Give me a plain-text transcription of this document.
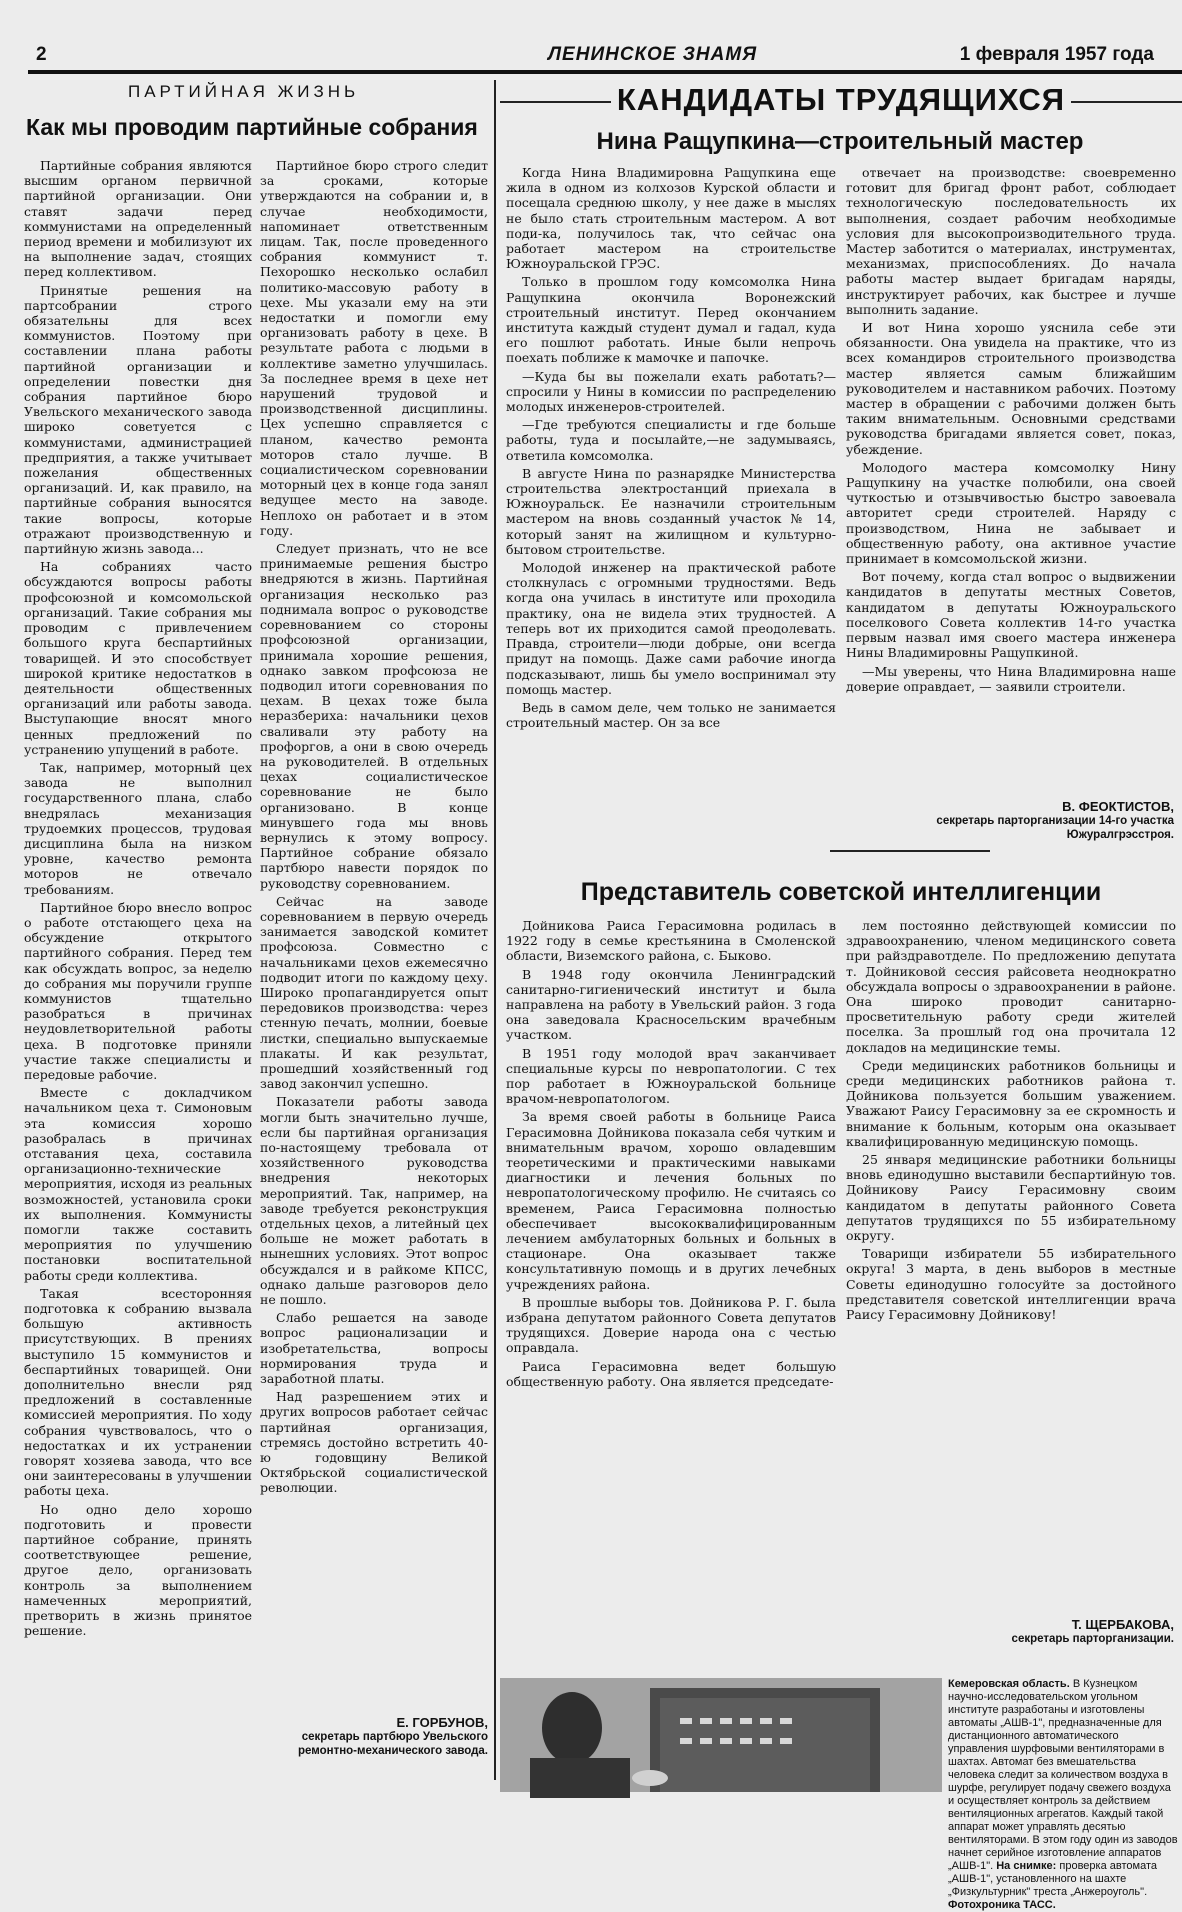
2	ЛЕНИНСКОЕ ЗНАМЯ	1 февраля 1957 года
ПАРТИЙНАЯ ЖИЗНЬ
Как мы проводим партийные собрания

Партийные собрания являются высшим органом первичной партийной организации. Они ставят задачи перед коммунистами на определенный период времени и мобилизуют их на выполнение задач, стоящих перед коллективом.

Принятые решения на партсобрании строго обязательны для всех коммунистов. Поэтому при составлении плана работы партийной организации и определении повестки дня собрания партийное бюро Увельского механического завода широко советуется с коммунистами, администрацией предприятия, а также учитывает пожелания общественных организаций. И, как правило, на партийные собрания выносятся такие вопросы, которые отражают производственную и партийную жизнь завода...

На собраниях часто обсуждаются вопросы работы профсоюзной и комсомольской организаций. Такие собрания мы проводим с привлечением большого круга беспартийных товарищей. И это способствует широкой критике недостатков в деятельности общественных организаций или работы завода. Выступающие вносят много ценных предложений по устранению упущений в работе.

Так, например, моторный цех завода не выполнил государственного плана, слабо внедрялась механизация трудоемких процессов, трудовая дисциплина была на низком уровне, качество ремонта моторов не отвечало требованиям.

Партийное бюро внесло вопрос о работе отстающего цеха на обсуждение открытого партийного собрания. Перед тем как обсуждать вопрос, за неделю до собрания мы поручили группе коммунистов тщательно разобраться в причинах неудовлетворительной работы цеха. В подготовке приняли участие также специалисты и передовые рабочие.

Вместе с докладчиком начальником цеха т. Симоновым эта комиссия хорошо разобралась в причинах отставания цеха, составила организационно-технические мероприятия, исходя из реальных возможностей, установила сроки их выполнения. Коммунисты помогли также составить мероприятия по улучшению постановки воспитательной работы среди коллектива.

Такая всесторонняя подготовка к собранию вызвала большую активность присутствующих. В прениях выступило 15 коммунистов и беспартийных товарищей. Они дополнительно внесли ряд предложений в составленные комиссией мероприятия. По ходу собрания чувствовалось, что о недостатках и их устранении говорят хозяева завода, что все они заинтересованы в улучшении работы цеха.

Но одно дело хорошо подготовить и провести партийное собрание, принять соответствующее решение, другое дело, организовать контроль за выполнением намеченных мероприятий, претворить в жизнь принятое решение.

Партийное бюро строго следит за сроками, которые утверждаются на собрании и, в случае необходимости, напоминает ответственным лицам. Так, после проведенного собрания коммунист т. Пехорошко несколько ослабил политико-массовую работу в цехе. Мы указали ему на эти недостатки и помогли ему организовать работу в цехе. В результате работа с людьми в коллективе заметно улучшилась. За последнее время в цехе нет нарушений трудовой и производственной дисциплины. Цех успешно справляется с планом, качество ремонта моторов стало лучше. В социалистическом соревновании моторный цех в конце года занял ведущее место на заводе. Неплохо он работает и в этом году.

Следует признать, что не все принимаемые решения быстро внедряются в жизнь. Партийная организация несколько раз поднимала вопрос о руководстве соревнованием со стороны профсоюзной организации, принимала хорошие решения, однако завком профсоюза не подводил итоги соревнования по цехам. В цехах тоже была неразбериха: начальники цехов сваливали эту работу на профоргов, а они в свою очередь на руководителей. В отдельных цехах социалистическое соревнование не было организовано. В конце минувшего года мы вновь вернулись к этому вопросу. Партийное собрание обязало партбюро навести порядок по руководству соревнованием.

Сейчас на заводе соревнованием в первую очередь занимается заводской комитет профсоюза. Совместно с начальниками цехов ежемесячно подводит итоги по каждому цеху. Широко пропагандируется опыт передовиков производства: через стенную печать, молнии, боевые листки, специально выпускаемые плакаты. И как результат, прошедший хозяйственный год завод закончил успешно.

Показатели работы завода могли быть значительно лучше, если бы партийная организация по-настоящему требовала от хозяйственного руководства внедрения некоторых мероприятий. Так, например, на заводе требуется реконструкция отдельных цехов, а литейный цех больше не может работать в нынешних условиях. Этот вопрос обсуждался и в райкоме КПСС, однако дальше разговоров дело не пошло.

Слабо решается на заводе вопрос рационализации и изобретательства, вопросы нормирования труда и заработной платы.

Над разрешением этих и других вопросов работает сейчас партийная организация, стремясь достойно встретить 40-ю годовщину Великой Октябрьской социалистической революции.

Е. ГОРБУНОВ,
секретарь партбюро Увельского ремонтно-механического завода.
КАНДИДАТЫ ТРУДЯЩИХСЯ
Нина Ращупкина—строительный мастер

Когда Нина Владимировна Ращупкина еще жила в одном из колхозов Курской области и посещала среднюю школу, у нее даже в мыслях не было стать строительным мастером. А вот поди-ка, получилось так, что сейчас она работает мастером на строительстве Южноуральской ГРЭС.

Только в прошлом году комсомолка Нина Ращупкина окончила Воронежский строительный институт. Перед окончанием института каждый студент думал и гадал, куда его пошлют работать. Иные были непрочь поехать поближе к мамочке и папочке.

—Куда бы вы пожелали ехать работать?—спросили у Нины в комиссии по распределению молодых инженеров-строителей.

—Где требуются специалисты и где больше работы, туда и посылайте,—не задумываясь, ответила комсомолка.

В августе Нина по разнарядке Министерства строительства электростанций приехала в Южноуральск. Ее назначили строительным мастером на вновь созданный участок № 14, который занят на жилищном и культурно-бытовом строительстве.

Молодой инженер на практической работе столкнулась с огромными трудностями. Ведь когда она училась в институте или проходила практику, она не видела этих трудностей. А теперь вот их приходится самой преодолевать. Правда, строители—люди добрые, они всегда придут на помощь. Даже сами рабочие иногда подсказывают, лишь бы умело воспринимал эту помощь мастер.

Ведь в самом деле, чем только не занимается строительный мастер. Он за все

отвечает на производстве: своевременно готовит для бригад фронт работ, соблюдает технологическую последовательность их выполнения, создает рабочим необходимые условия для высокопроизводительного труда. Мастер заботится о материалах, инструментах, механизмах, приспособлениях. До начала работы мастер выдает бригадам наряды, инструктирует рабочих, как быстрее и лучше выполнить задание.

И вот Нина хорошо уяснила себе эти обязанности. Она увидела на практике, что из всех командиров строительного производства мастер является самым ближайшим руководителем и наставником рабочих. Поэтому мастер в обращении с рабочими должен быть таким внимательным. Основными средствами руководства бригадами является совет, показ, убеждение.

Молодого мастера комсомолку Нину Ращупкину на участке полюбили, она своей чуткостью и отзывчивостью быстро завоевала авторитет среди строителей. Наряду с производством, Нина не забывает и общественную работу, она активное участие принимает в комсомольской жизни.

Вот почему, когда стал вопрос о выдвижении кандидатов в депутаты местных Советов, кандидатом в депутаты Южноуральского поселкового Совета коллектив 14-го участка первым назвал имя своего мастера инженера Нины Владимировны Ращупкиной.

—Мы уверены, что Нина Владимировна наше доверие оправдает, — заявили строители.

В. ФЕОКТИСТОВ,
секретарь партоpганизации 14-го участка Южуралгрэсстроя.
Представитель советской интеллигенции

Дойникова Раиса Герасимовна родилась в 1922 году в семье крестьянина в Смоленской области, Виземского района, с. Быково.

В 1948 году окончила Ленинградский санитарно-гигиенический институт и была направлена на работу в Увельский район. 3 года она заведовала Красносельским врачебным участком.

В 1951 году молодой врач заканчивает специальные курсы по невропатологии. С тех пор работает в Южноуральской больнице врачом-невропатологом.

За время своей работы в больнице Раиса Герасимовна Дойникова показала себя чутким и внимательным врачом, хорошо овладевшим теоретическими и практическими навыками диагностики и лечения больных по невропатологическому профилю. Не считаясь со временем, Раиса Герасимовна полностью обеспечивает высококвалифицированным лечением амбулаторных больных и больных в стационаре. Она оказывает также консультативную помощь и в других лечебных учреждениях района.

В прошлые выборы тов. Дойникова Р. Г. была избрана депутатом районного Совета депутатов трудящихся. Доверие народа она с честью оправдала.

Раиса Герасимовна ведет большую общественную работу. Она является председате-

лем постоянно действующей комиссии по здравоохранению, членом медицинского совета при райздравотделе. По предложению депутата т. Дойниковой сессия райсовета неоднократно обсуждала вопросы о здравоохранении в районе. Она широко проводит санитарно-просветительную работу среди жителей поселка. За прошлый год она прочитала 12 докладов на медицинские темы.

Среди медицинских работников больницы и среди медицинских работников района т. Дойникова пользуется большим уважением. Уважают Раису Герасимовну за ее скромность и внимание к больным, которым она оказывает квалифицированную медицинскую помощь.

25 января медицинские работники больницы вновь единодушно выставили беспартийную тов. Дойникову Раису Герасимовну своим кандидатом в депутаты районного Совета депутатов трудящихся по 55 избирательному округу.

Товарищи избиратели 55 избирательного округа! 3 марта, в день выборов в местные Советы единодушно голосуйте за достойного представителя советской интеллигенции врача Раису Герасимовну Дойникову!

Т. ЩЕРБАКОВА,
секретарь парторганизации.
Кемеровская область. В Кузнецком научно-исследовательском угольном институте разработаны и изготовлены автоматы „АШВ-1", предназначенные для дистанционного автоматического управления шурфовыми вентиляторами в шахтах. Автомат без вмешательства человека следит за количеством воздуха в шурфе, регулирует подачу свежего воздуха и осуществляет контроль за действием вентиляционных агрегатов. Каждый такой аппарат может управлять десятью вентиляторами. В этом году один из заводов начнет серийное изготовление аппаратов „АШВ-1". На снимке: проверка автомата „АШВ-1", установленного на шахте „Физкультурник" треста „Анжероуголь". Фотохроника ТАСС.
